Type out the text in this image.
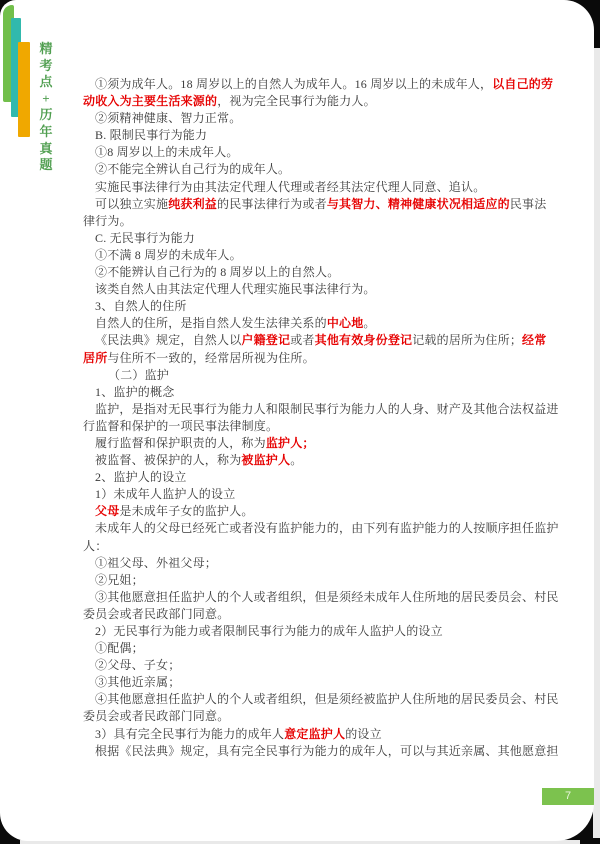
精
考
点
+
历
年
真
题
①须为成年人。18 周岁以上的自然人为成年人。16 周岁以上的未成年人，以自己的劳
动收入为主要生活来源的，视为完全民事行为能力人。
②须精神健康、智力正常。
B. 限制民事行为能力
①8 周岁以上的未成年人。
②不能完全辨认自己行为的成年人。
实施民事法律行为由其法定代理人代理或者经其法定代理人同意、追认。
可以独立实施纯获利益的民事法律行为或者与其智力、精神健康状况相适应的民事法
律行为。
C. 无民事行为能力
①不满 8 周岁的未成年人。
②不能辨认自己行为的 8 周岁以上的自然人。
该类自然人由其法定代理人代理实施民事法律行为。
3、自然人的住所
自然人的住所，是指自然人发生法律关系的中心地。
《民法典》规定，自然人以户籍登记或者其他有效身份登记记载的居所为住所；经常
居所与住所不一致的，经常居所视为住所。
（二）监护
1、监护的概念
监护，是指对无民事行为能力人和限制民事行为能力人的人身、财产及其他合法权益进
行监督和保护的一项民事法律制度。
履行监督和保护职责的人，称为监护人；
被监督、被保护的人，称为被监护人。
2、监护人的设立
1）未成年人监护人的设立
父母是未成年子女的监护人。
未成年人的父母已经死亡或者没有监护能力的，由下列有监护能力的人按顺序担任监护
人：
①祖父母、外祖父母；
②兄姐；
③其他愿意担任监护人的个人或者组织，但是须经未成年人住所地的居民委员会、村民
委员会或者民政部门同意。
2）无民事行为能力或者限制民事行为能力的成年人监护人的设立
①配偶；
②父母、子女；
③其他近亲属；
④其他愿意担任监护人的个人或者组织，但是须经被监护人住所地的居民委员会、村民
委员会或者民政部门同意。
3）具有完全民事行为能力的成年人意定监护人的设立
根据《民法典》规定，具有完全民事行为能力的成年人，可以与其近亲属、其他愿意担
7
